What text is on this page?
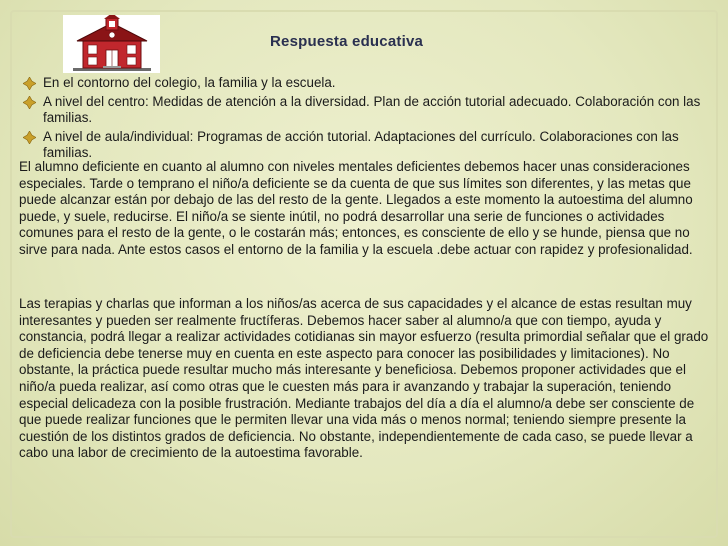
Respuesta educativa
En el contorno del colegio, la familia y la escuela.
A nivel del centro: Medidas de atención a la diversidad. Plan de acción tutorial adecuado. Colaboración con las familias.
A nivel de aula/individual: Programas de acción tutorial. Adaptaciones del currículo. Colaboraciones con las familias.

El alumno deficiente en cuanto al alumno con niveles mentales deficientes debemos hacer unas consideraciones especiales. Tarde o temprano el niño/a deficiente se da cuenta de que sus límites son diferentes, y las metas que puede alcanzar están por debajo de las del resto de la gente. Llegados a este momento la autoestima del alumno puede, y suele, reducirse. El niño/a se siente inútil, no podrá desarrollar una serie de funciones o actividades comunes para el resto de la gente, o le costarán más; entonces, es consciente de ello y se hunde, piensa que no sirve para nada. Ante estos casos el entorno de la familia y la escuela .debe actuar con rapidez y profesionalidad.

Las terapias y charlas que informan a los niños/as acerca de sus capacidades y el alcance de estas resultan muy interesantes y pueden ser realmente fructíferas. Debemos hacer saber al alumno/a que con tiempo, ayuda y constancia, podrá llegar a realizar actividades cotidianas sin mayor esfuerzo (resulta primordial señalar que el grado de deficiencia debe tenerse muy en cuenta en este aspecto para conocer las posibilidades y limitaciones). No obstante, la práctica puede resultar mucho más interesante y beneficiosa. Debemos proponer actividades que el niño/a pueda realizar, así como otras que le cuesten más para ir avanzando y trabajar la superación, teniendo especial delicadeza con la posible frustración. Mediante trabajos del día a día el alumno/a debe ser consciente de que puede realizar funciones que le permiten llevar una vida más o menos normal; teniendo siempre presente la cuestión de los distintos grados de deficiencia. No obstante, independientemente de cada caso, se puede llevar a cabo una labor de crecimiento de la autoestima favorable.
